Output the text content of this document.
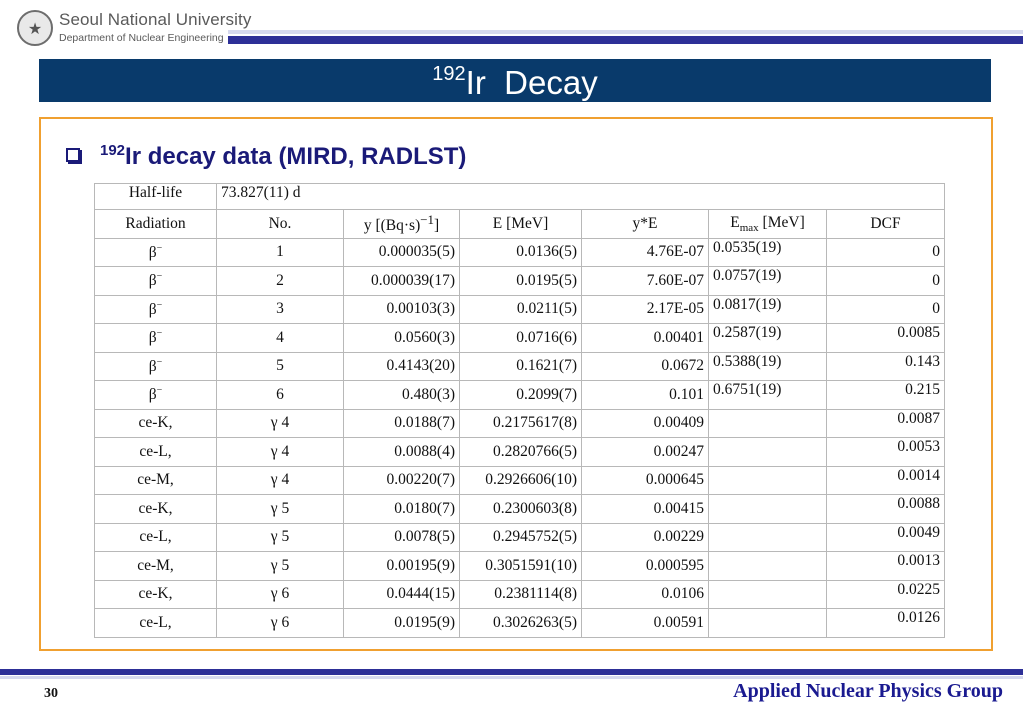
★ Seoul National University
Department of Nuclear Engineering
$^{192}$Ir Decay
$^{192}$Ir decay data (MIRD, RADLST)
Half-life	73.827(11) d					
Radiation	No.	y $[(Bq\cdot s)^{-1}]$	E [MeV]	y*E	$E_{max}$ [MeV]	DCF
β−	1	0.000035(5)	0.0136(5)	4.76E-07	0.0535(19)	0
β−	2	0.000039(17)	0.0195(5)	7.60E-07	0.0757(19)	0
β−	3	0.00103(3)	0.0211(5)	2.17E-05	0.0817(19)	0
β−	4	0.0560(3)	0.0716(6)	0.00401	0.2587(19)	0.0085
β−	5	0.4143(20)	0.1621(7)	0.0672	0.5388(19)	0.143
β−	6	0.480(3)	0.2099(7)	0.101	0.6751(19)	0.215
ce-K,	γ 4	0.0188(7)	0.2175617(8)	0.00409		0.0087
ce-L,	γ 4	0.0088(4)	0.2820766(5)	0.00247		0.0053
ce-M,	γ 4	0.00220(7)	0.2926606(10)	0.000645		0.0014
ce-K,	γ 5	0.0180(7)	0.2300603(8)	0.00415		0.0088
ce-L,	γ 5	0.0078(5)	0.2945752(5)	0.00229		0.0049
ce-M,	γ 5	0.00195(9)	0.3051591(10)	0.000595		0.0013
ce-K,	γ 6	0.0444(15)	0.2381114(8)	0.0106		0.0225
ce-L,	γ 6	0.0195(9)	0.3026263(5)	0.00591		0.0126
30	Applied Nuclear Physics Group
